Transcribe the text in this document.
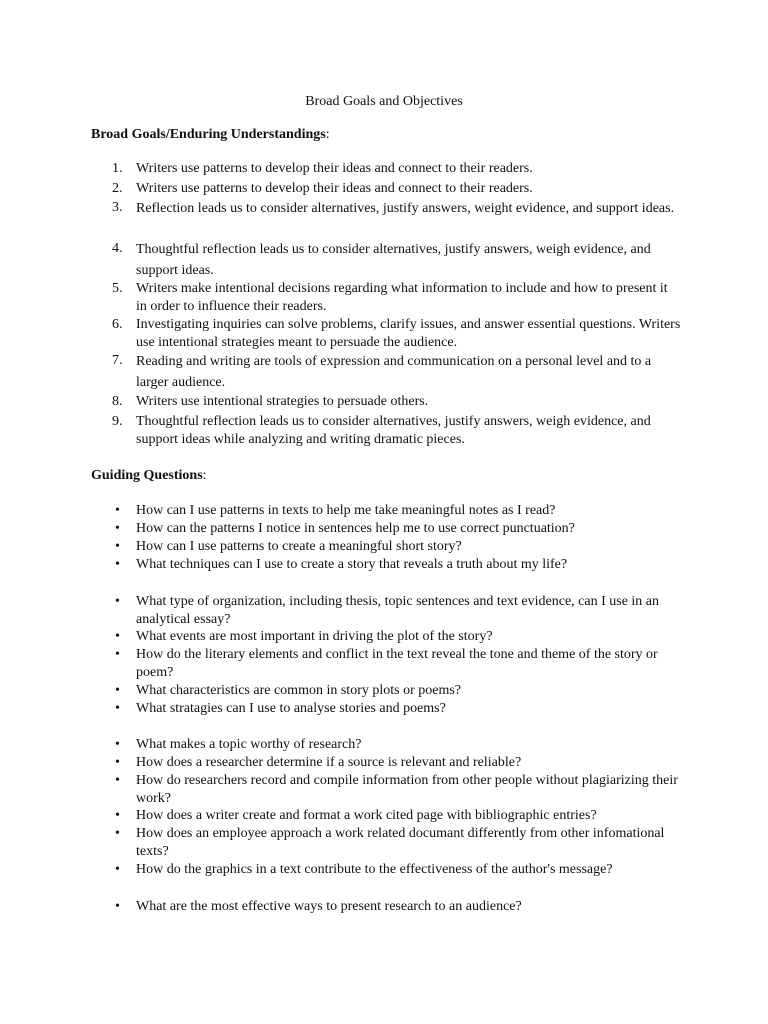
Broad Goals and Objectives
Broad Goals/Enduring Understandings:
1. Writers use patterns to develop their ideas and connect to their readers.
2. Writers use patterns to develop their ideas and connect to their readers.
3. Reflection leads us to consider alternatives, justify answers, weight evidence, and support ideas.
4. Thoughtful reflection leads us to consider alternatives, justify answers, weigh evidence, and support ideas.
5. Writers make intentional decisions regarding what information to include and how to present it in order to influence their readers.
6. Investigating inquiries can solve problems, clarify issues, and answer essential questions. Writers use intentional strategies meant to persuade the audience.
7. Reading and writing are tools of expression and communication on a personal level and to a larger audience.
8. Writers use intentional strategies to persuade others.
9. Thoughtful reflection leads us to consider alternatives, justify answers, weigh evidence, and support ideas while analyzing and writing dramatic pieces.
Guiding Questions:
• How can I use patterns in texts to help me take meaningful notes as I read?
• How can the patterns I notice in sentences help me to use correct punctuation?
• How can I use patterns to create a meaningful short story?
• What techniques can I use to create a story that reveals a truth about my life?
• What type of organization, including thesis, topic sentences and text evidence, can I use in an analytical essay?
• What events are most important in driving the plot of the story?
• How do the literary elements and conflict in the text reveal the tone and theme of the story or poem?
• What characteristics are common in story plots or poems?
• What stratagies can I use to analyse stories and poems?
• What makes a topic worthy of research?
• How does a researcher determine if a source is relevant and reliable?
• How do researchers record and compile information from other people without plagiarizing their work?
• How does a writer create and format a work cited page with bibliographic entries?
• How does an employee approach a work related documant differently from other infomational texts?
• How do the graphics in a text contribute to the effectiveness of the author's message?
• What are the most effective ways to present research to an audience?
